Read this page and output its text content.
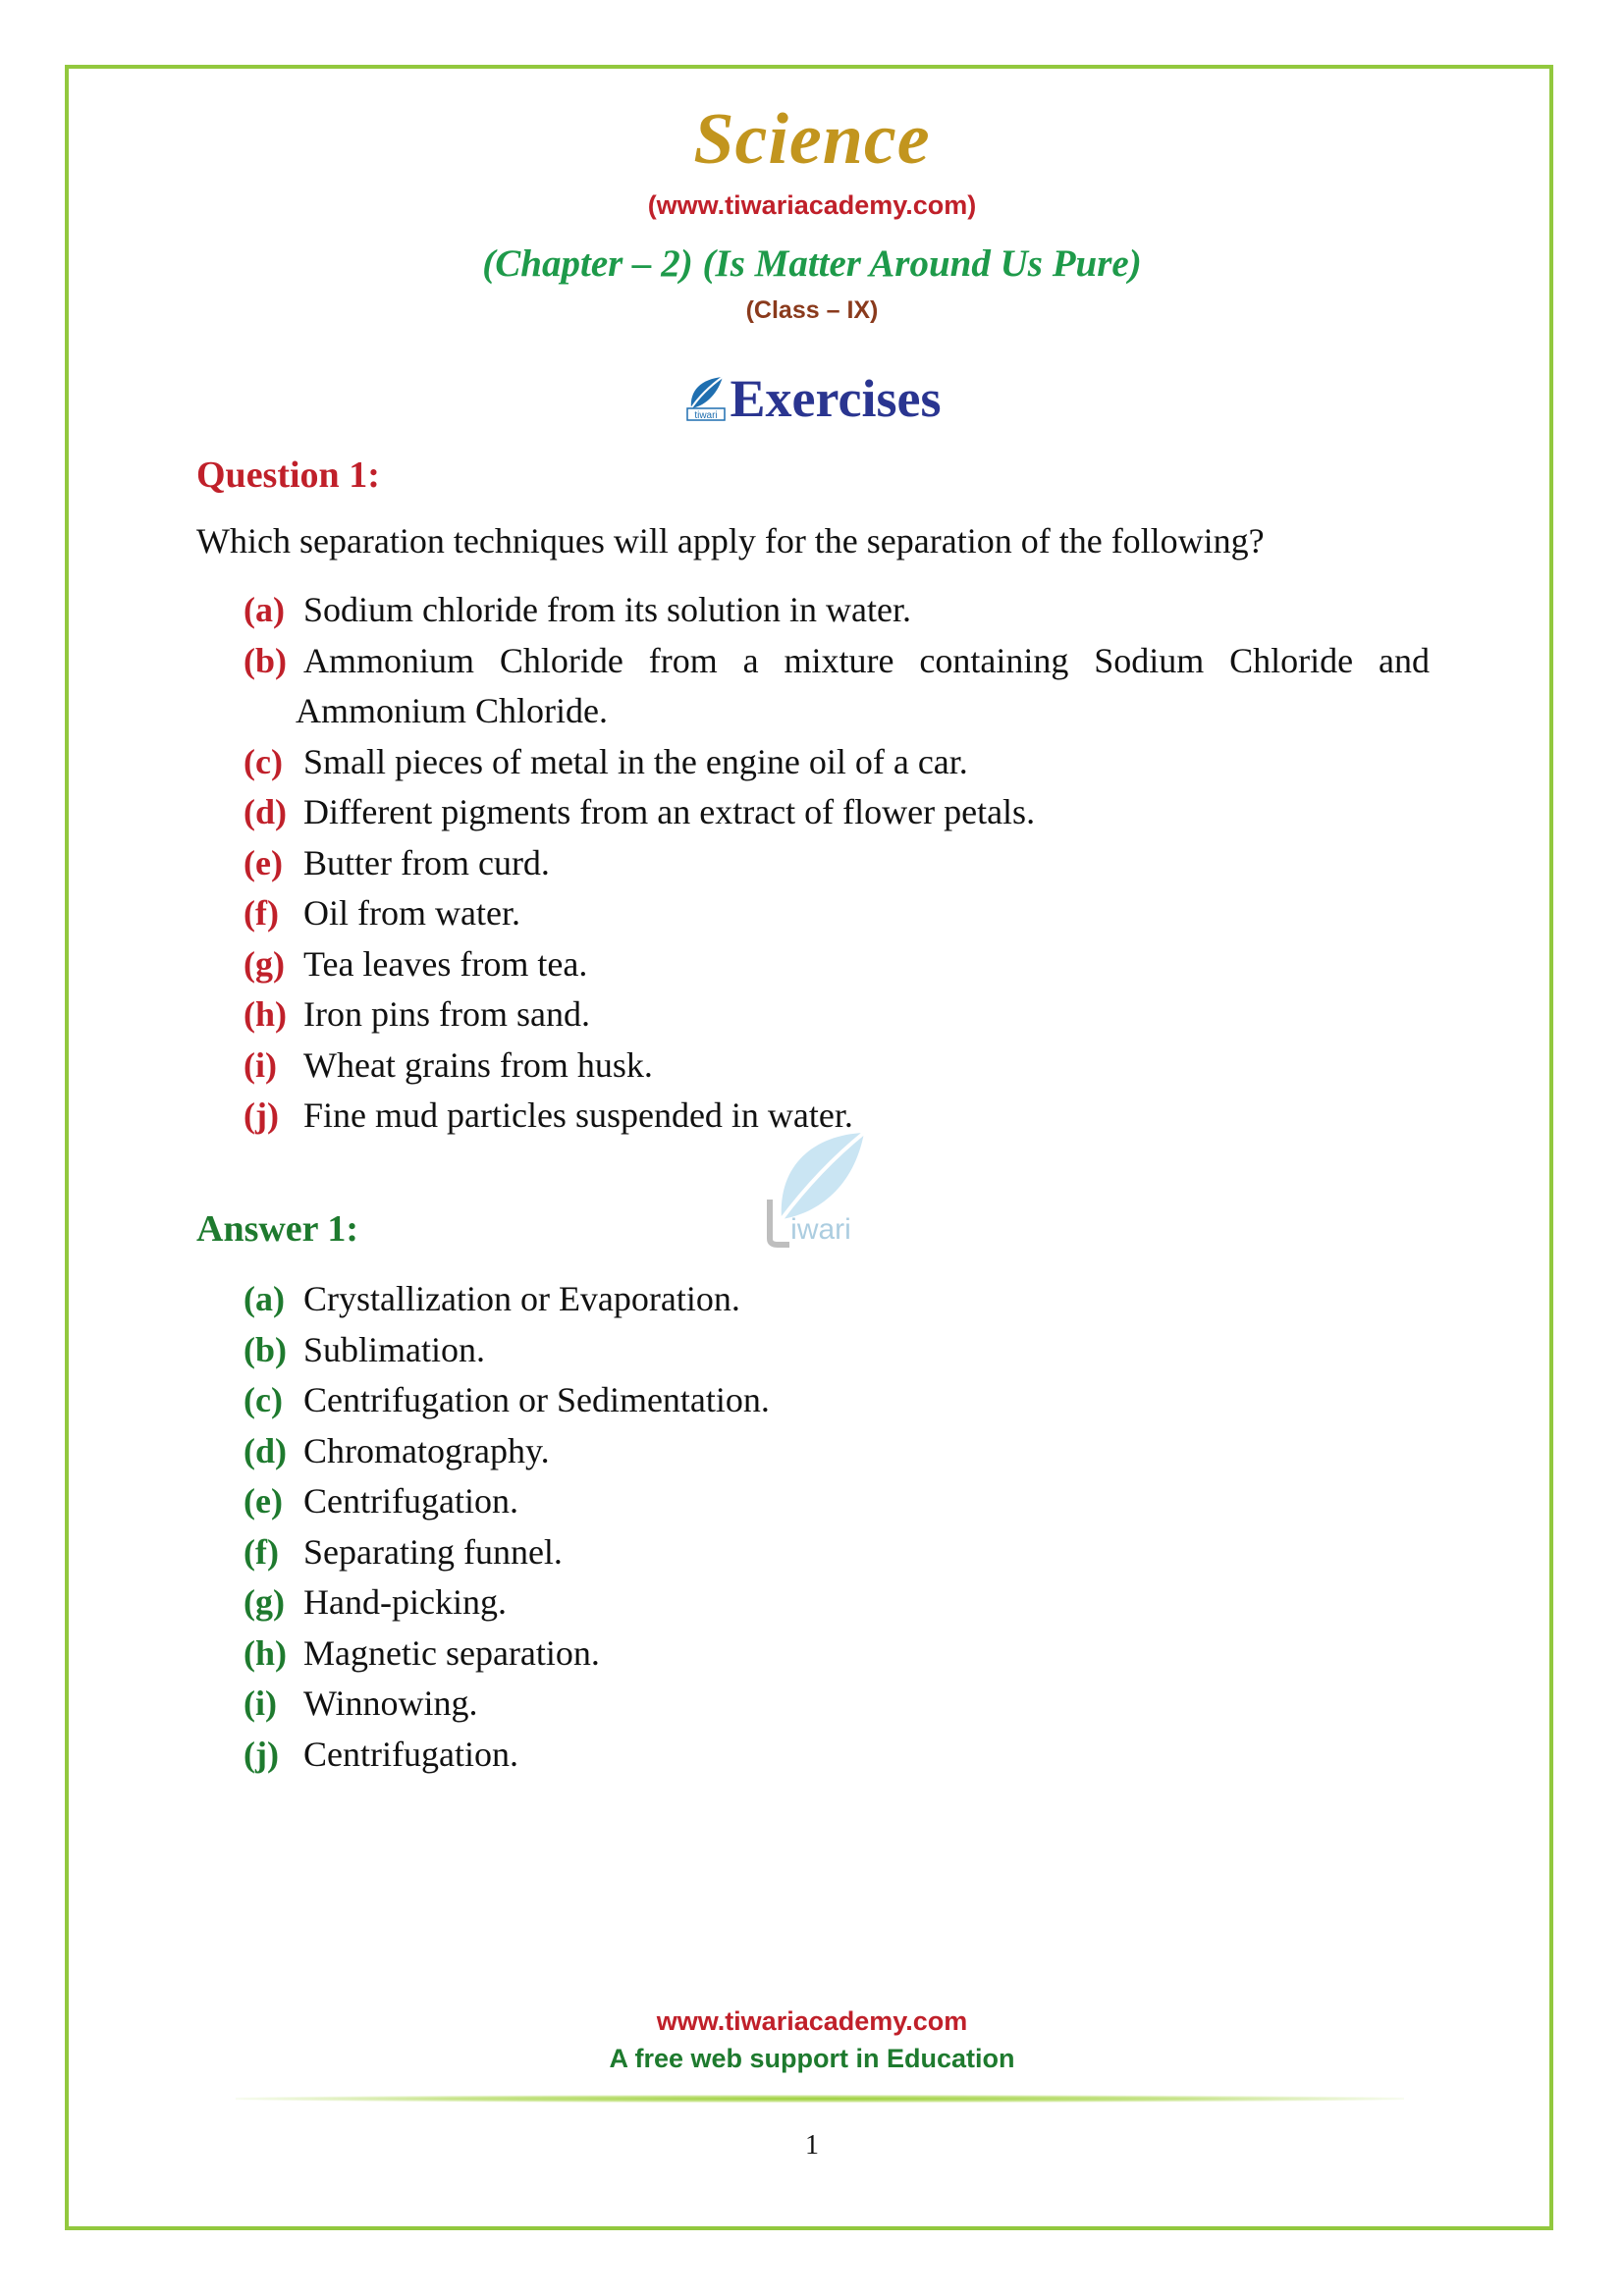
Science
(www.tiwariacademy.com)
(Chapter – 2) (Is Matter Around Us Pure)
(Class – IX)
tiwari Exercises
Question 1:
Which separation techniques will apply for the separation of the following?
(a) Sodium chloride from its solution in water.
(b) Ammonium Chloride from a mixture containing Sodium Chloride and
Ammonium Chloride.
(c) Small pieces of metal in the engine oil of a car.
(d) Different pigments from an extract of flower petals.
(e) Butter from curd.
(f) Oil from water.
(g) Tea leaves from tea.
(h) Iron pins from sand.
(i) Wheat grains from husk.
(j) Fine mud particles suspended in water.
iwari
Answer 1:
(a) Crystallization or Evaporation.
(b) Sublimation.
(c) Centrifugation or Sedimentation.
(d) Chromatography.
(e) Centrifugation.
(f) Separating funnel.
(g) Hand-picking.
(h) Magnetic separation.
(i) Winnowing.
(j) Centrifugation.
www.tiwariacademy.com
A free web support in Education
1
